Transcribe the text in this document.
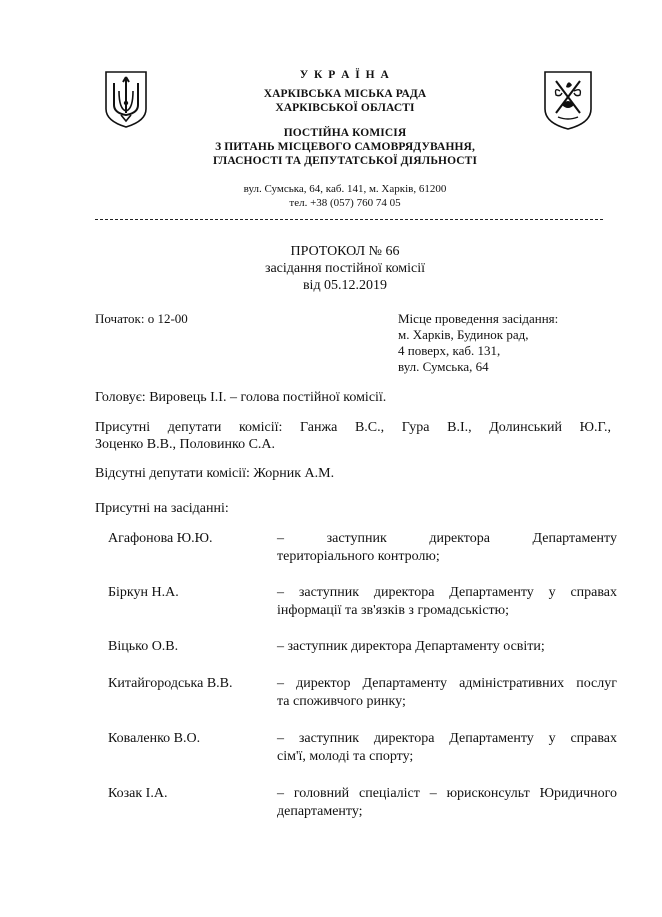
У К Р А Ї Н А
ХАРКІВСЬКА МІСЬКА РАДА
ХАРКІВСЬКОЇ ОБЛАСТІ
ПОСТІЙНА КОМІСІЯ
З ПИТАНЬ МІСЦЕВОГО САМОВРЯДУВАННЯ,
ГЛАСНОСТІ ТА ДЕПУТАТСЬКОЇ ДІЯЛЬНОСТІ
вул. Сумська, 64, каб. 141, м. Харків, 61200
тел. +38 (057) 760 74 05
ПРОТОКОЛ № 66
засідання постійної комісії
від 05.12.2019
Початок: о 12-00	Місце проведення засідання:
м. Харків, Будинок рад,
4 поверх, каб. 131,
вул. Сумська, 64
Головує: Вировець І.І. – голова постійної комісії.
Присутні депутати комісії: Ганжа В.С., Гура В.І., Долинський Ю.Г.,
Зоценко В.В., Половинко С.А.
Відсутні депутати комісії: Жорник А.М.
Присутні на засіданні:
Агафонова Ю.Ю.	– заступник директора Департаменту
територіального контролю;
Біркун Н.А.	– заступник директора Департаменту у справах
інформації та зв'язків з громадськістю;
Віцько О.В.	– заступник директора Департаменту освіти;
Китайгородська В.В.	– директор Департаменту адміністративних послуг
та споживчого ринку;
Коваленко В.О.	– заступник директора Департаменту у справах
сім'ї, молоді та спорту;
Козак І.А.	– головний спеціаліст – юрисконсульт Юридичного
департаменту;
